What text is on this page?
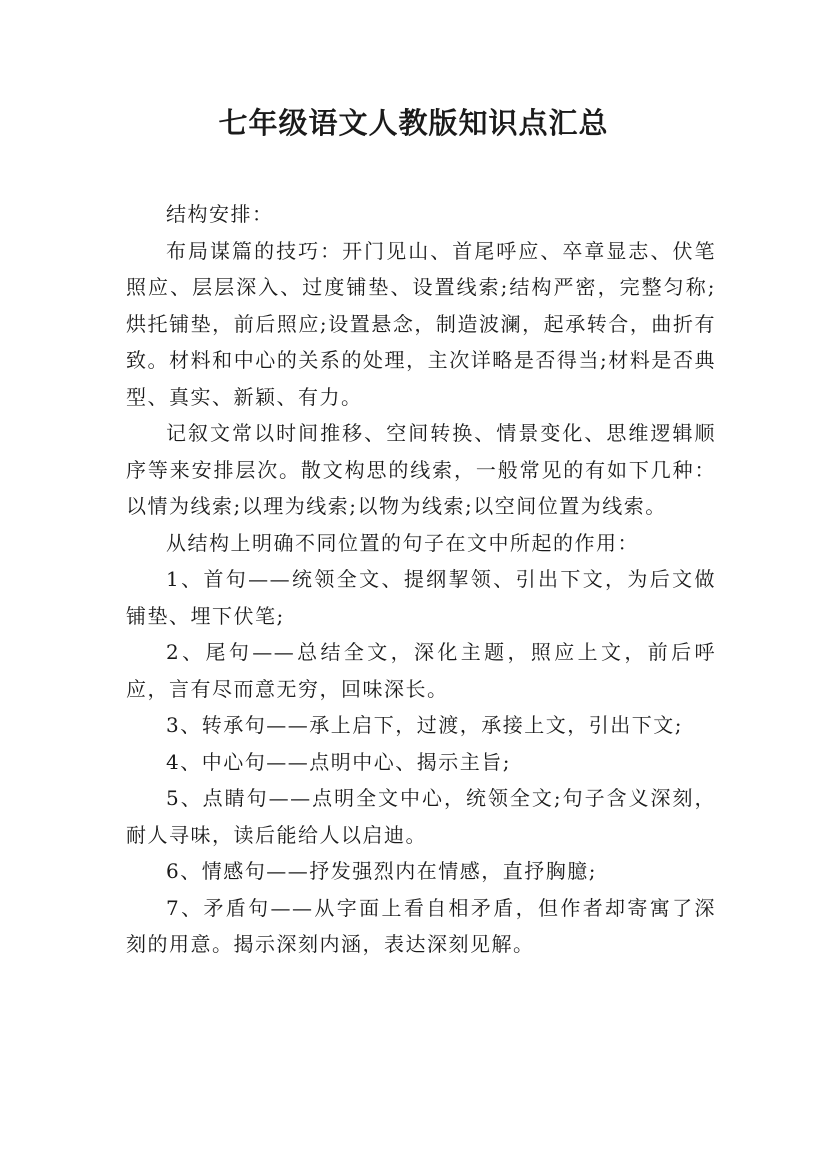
七年级语文人教版知识点汇总

结构安排：

布局谋篇的技巧：开门见山、首尾呼应、卒章显志、伏笔照应、层层深入、过度铺垫、设置线索;结构严密，完整匀称;烘托铺垫，前后照应;设置悬念，制造波澜，起承转合，曲折有致。材料和中心的关系的处理，主次详略是否得当;材料是否典型、真实、新颖、有力。

记叙文常以时间推移、空间转换、情景变化、思维逻辑顺序等来安排层次。散文构思的线索，一般常见的有如下几种：以情为线索;以理为线索;以物为线索;以空间位置为线索。

从结构上明确不同位置的句子在文中所起的作用：

1、首句——统领全文、提纲挈领、引出下文，为后文做铺垫、埋下伏笔;

2、尾句——总结全文，深化主题，照应上文，前后呼应，言有尽而意无穷，回味深长。

3、转承句——承上启下，过渡，承接上文，引出下文;

4、中心句——点明中心、揭示主旨;

5、点睛句——点明全文中心，统领全文;句子含义深刻，耐人寻味，读后能给人以启迪。

6、情感句——抒发强烈内在情感，直抒胸臆;

7、矛盾句——从字面上看自相矛盾，但作者却寄寓了深刻的用意。揭示深刻内涵，表达深刻见解。
